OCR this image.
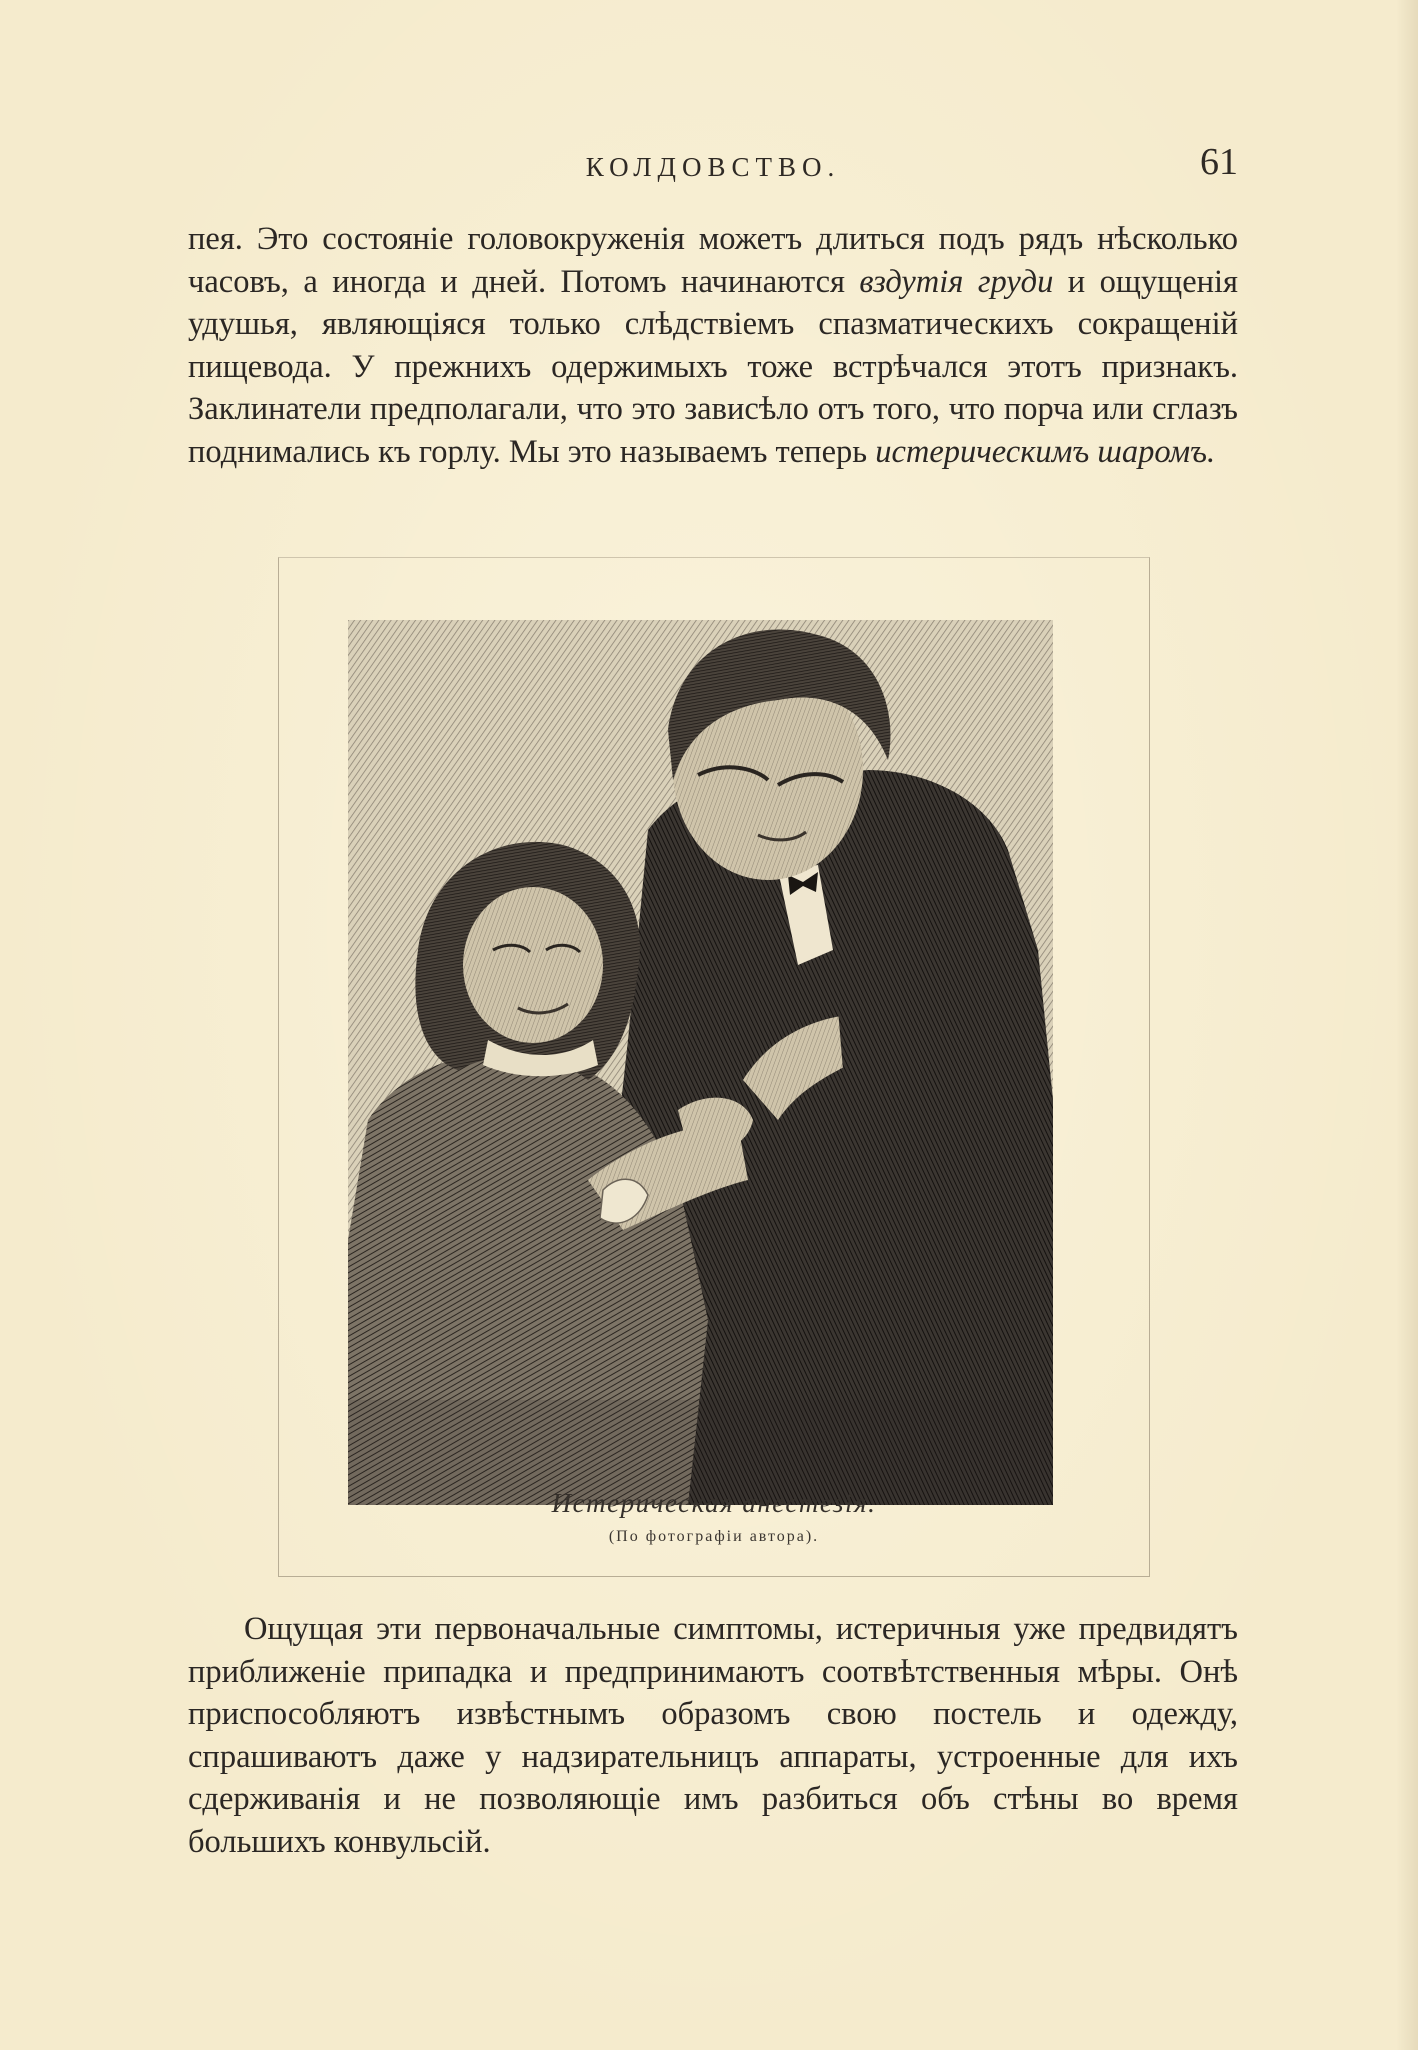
КОЛДОВСТВО.	61

пея. Это состоянiе головокруженiя можетъ длиться подъ рядъ нѣсколько часовъ, а иногда и дней. Потомъ начинаются вздутiя груди и ощущенiя удушья, являющiяся только слѣдствiемъ спазматическихъ сокращенiй пищевода. У прежнихъ одержимыхъ тоже встрѣчался этотъ признакъ. Заклинатели предполагали, что это зависѣло отъ того, что порча или сглазъ поднимались къ горлу. Мы это называемъ теперь истерическимъ шаромъ.

Истерическая анестезiя.
(По фотографiи автора).

Ощущая эти первоначальные симптомы, истеричныя уже предвидятъ приближенiе припадка и предпринимаютъ соотвѣтственныя мѣры. Онѣ приспособляютъ извѣстнымъ образомъ свою постель и одежду, спрашиваютъ даже у надзирательницъ аппараты, устроенные для ихъ сдерживанiя и не позволяющiе имъ разбиться объ стѣны во время большихъ конвульсiй.
